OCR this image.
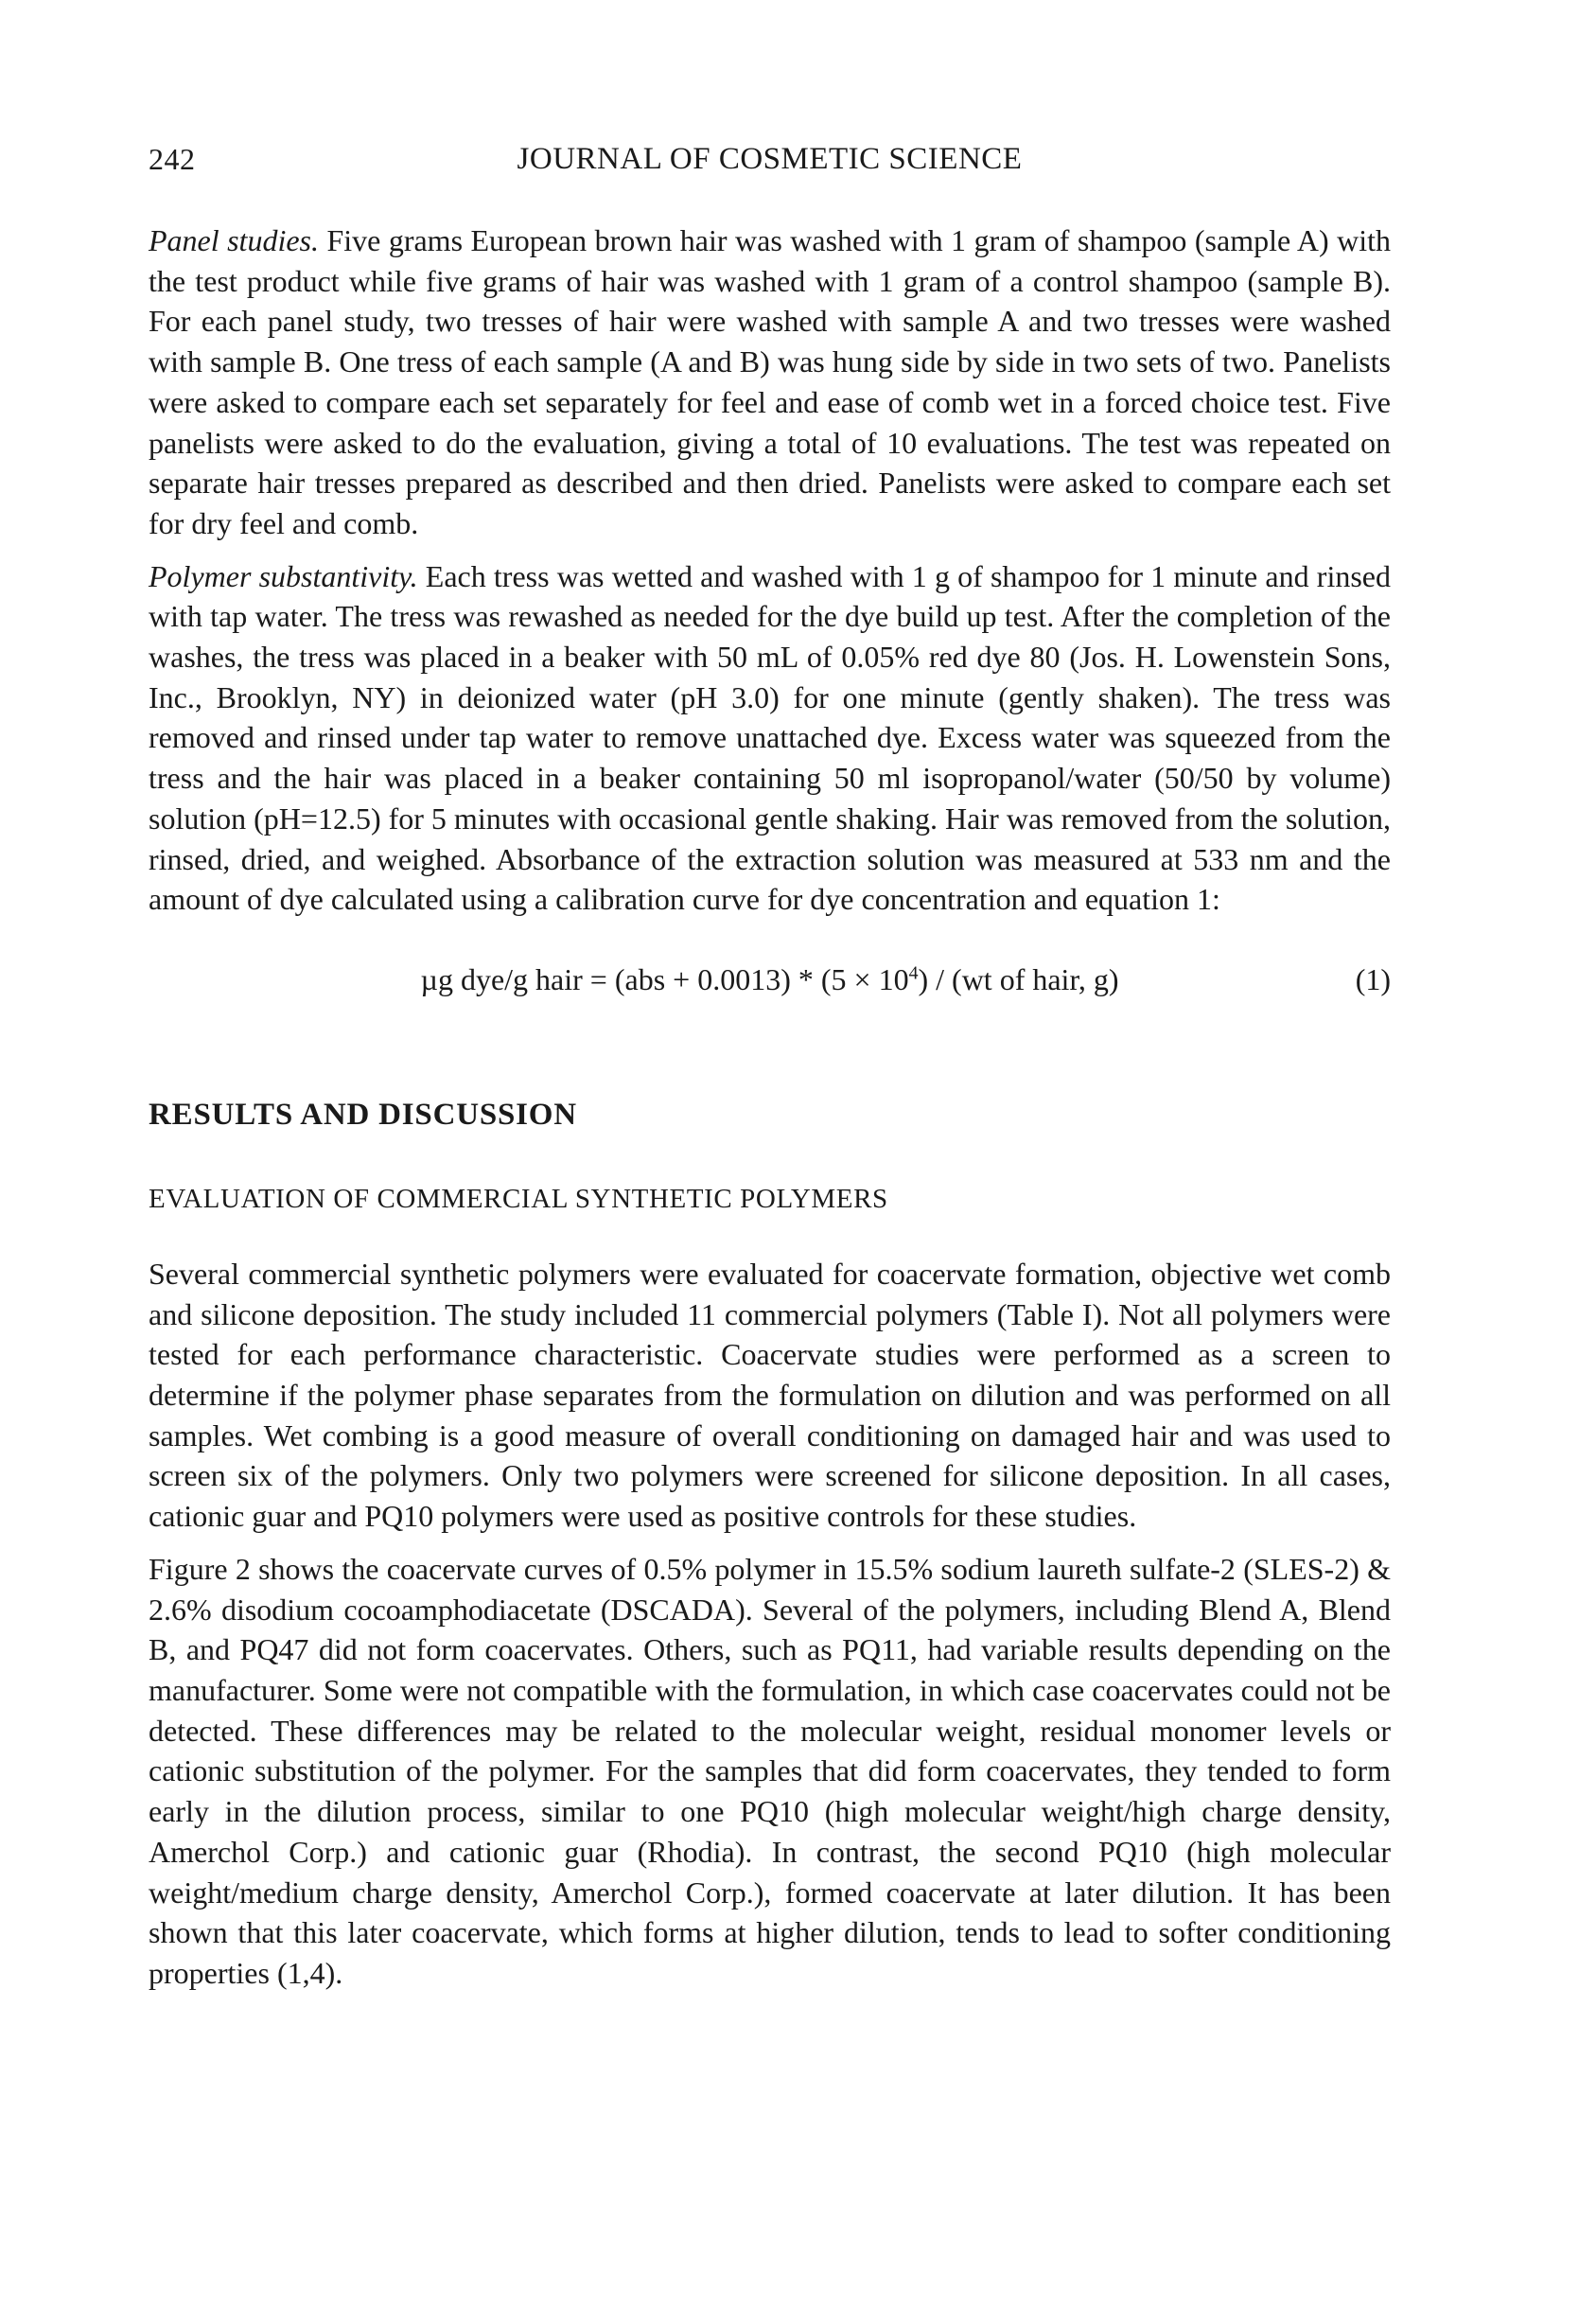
242	JOURNAL OF COSMETIC SCIENCE

Panel studies. Five grams European brown hair was washed with 1 gram of shampoo (sample A) with the test product while five grams of hair was washed with 1 gram of a control shampoo (sample B). For each panel study, two tresses of hair were washed with sample A and two tresses were washed with sample B. One tress of each sample (A and B) was hung side by side in two sets of two. Panelists were asked to compare each set separately for feel and ease of comb wet in a forced choice test. Five panelists were asked to do the evaluation, giving a total of 10 evaluations. The test was repeated on separate hair tresses prepared as described and then dried. Panelists were asked to compare each set for dry feel and comb.

Polymer substantivity. Each tress was wetted and washed with 1 g of shampoo for 1 minute and rinsed with tap water. The tress was rewashed as needed for the dye build up test. After the completion of the washes, the tress was placed in a beaker with 50 mL of 0.05% red dye 80 (Jos. H. Lowenstein Sons, Inc., Brooklyn, NY) in deionized water (pH 3.0) for one minute (gently shaken). The tress was removed and rinsed under tap water to remove unattached dye. Excess water was squeezed from the tress and the hair was placed in a beaker containing 50 ml isopropanol/water (50/50 by volume) solution (pH=12.5) for 5 minutes with occasional gentle shaking. Hair was removed from the solution, rinsed, dried, and weighed. Absorbance of the extraction solution was measured at 533 nm and the amount of dye calculated using a calibration curve for dye concentration and equation 1:

µg dye/g hair = $(abs + 0.0013) * (5 \times 10^4) / (wt$ of hair, g)	(1)
RESULTS AND DISCUSSION
EVALUATION OF COMMERCIAL SYNTHETIC POLYMERS

Several commercial synthetic polymers were evaluated for coacervate formation, objective wet comb and silicone deposition. The study included 11 commercial polymers (Table I). Not all polymers were tested for each performance characteristic. Coacervate studies were performed as a screen to determine if the polymer phase separates from the formulation on dilution and was performed on all samples. Wet combing is a good measure of overall conditioning on damaged hair and was used to screen six of the polymers. Only two polymers were screened for silicone deposition. In all cases, cationic guar and PQ10 polymers were used as positive controls for these studies.

Figure 2 shows the coacervate curves of 0.5% polymer in 15.5% sodium laureth sulfate-2 (SLES-2) & 2.6% disodium cocoamphodiacetate (DSCADA). Several of the polymers, including Blend A, Blend B, and PQ47 did not form coacervates. Others, such as PQ11, had variable results depending on the manufacturer. Some were not compatible with the formulation, in which case coacervates could not be detected. These differences may be related to the molecular weight, residual monomer levels or cationic substitution of the polymer. For the samples that did form coacervates, they tended to form early in the dilution process, similar to one PQ10 (high molecular weight/high charge density, Amerchol Corp.) and cationic guar (Rhodia). In contrast, the second PQ10 (high molecular weight/medium charge density, Amerchol Corp.), formed coacervate at later dilution. It has been shown that this later coacervate, which forms at higher dilution, tends to lead to softer conditioning properties (1,4).
